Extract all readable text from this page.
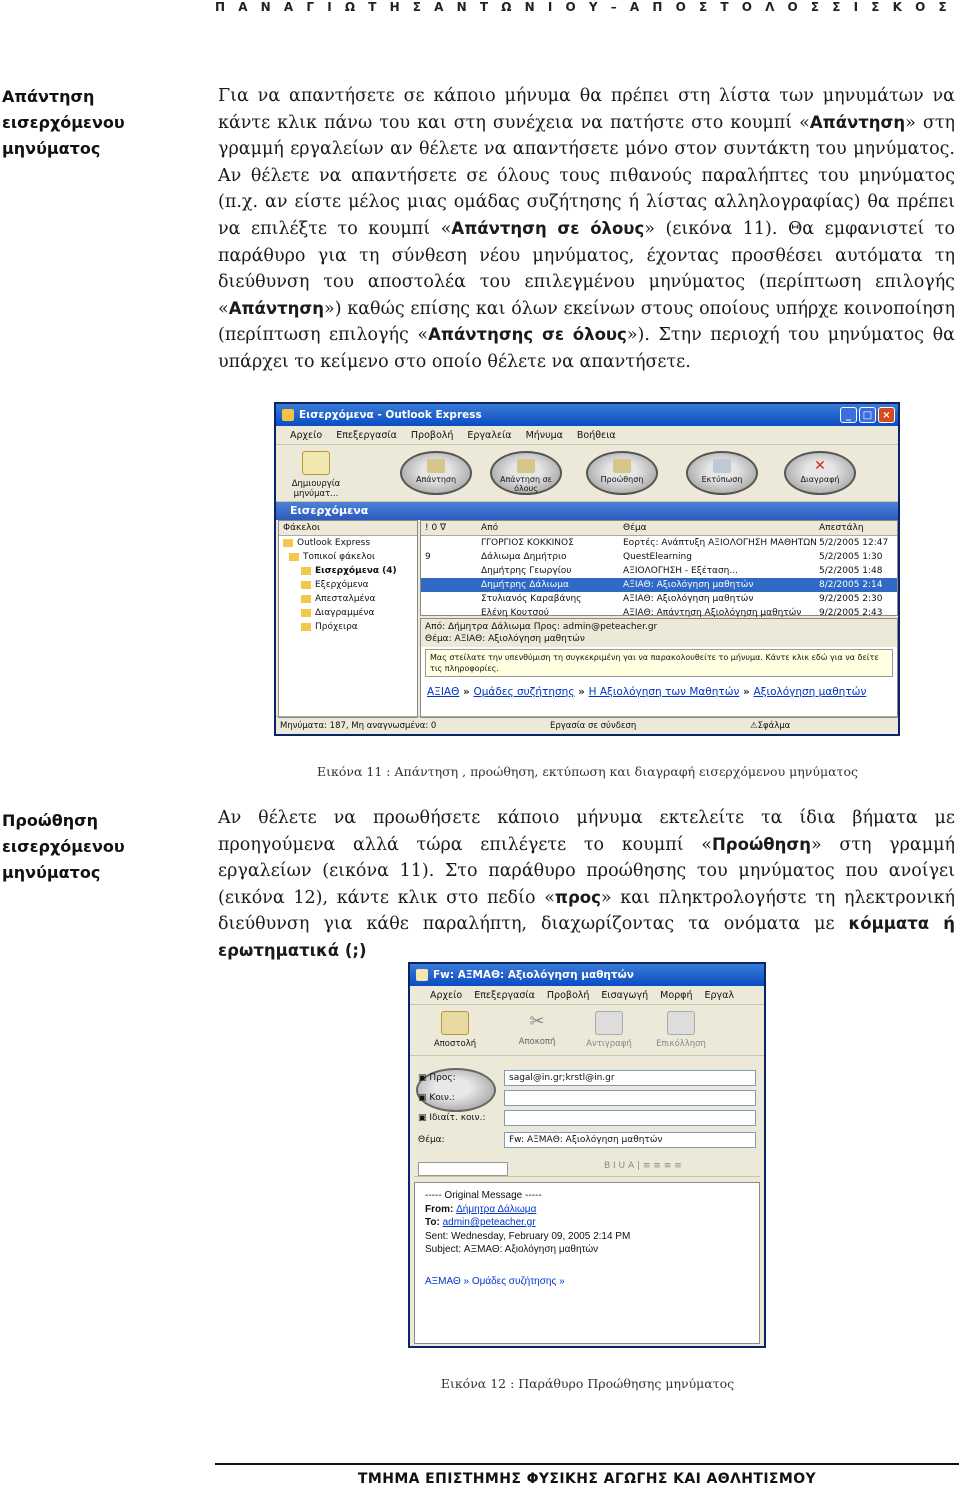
Π Α Ν Α Γ Ι Ω Τ Η Σ Α Ν Τ Ω Ν Ι Ο Υ – Α Π Ο Σ Τ Ο Λ Ο Σ Σ Ι Σ Κ Ο Σ
Απάντηση
εισερχόμενου
μηνύματος
Για να απαντήσετε σε κάποιο μήνυμα θα πρέπει στη λίστα των μηνυμάτων να κάντε κλικ πάνω του και στη συνέχεια να πατήστε στο κουμπί «Απάντηση» στη γραμμή εργαλείων αν θέλετε να απαντήσετε μόνο στον συντάκτη του μηνύματος. Αν θέλετε να απαντήσετε σε όλους τους πιθανούς παραλήπτες του μηνύματος (π.χ. αν είστε μέλος μιας ομάδας συζήτησης ή λίστας αλληλογραφίας) θα πρέπει να επιλέξτε το κουμπί «Απάντηση σε όλους» (εικόνα 11). Θα εμφανιστεί το παράθυρο για τη σύνθεση νέου μηνύματος, έχοντας προσθέσει αυτόματα τη διεύθυνση του αποστολέα του επιλεγμένου μηνύματος (περίπτωση επιλογής «Απάντηση») καθώς επίσης και όλων εκείνων στους οποίους υπήρχε κοινοποίηση (περίπτωση επιλογής «Απάντησης σε όλους»). Στην περιοχή του μηνύματος θα υπάρχει το κείμενο στο οποίο θέλετε να απαντήσετε.
Εισερχόμενα - Outlook Express	_	□	×
Αρχείο Επεξεργασία Προβολή Εργαλεία Μήνυμα Βοήθεια
Δημιουργία μηνύματ...
Απάντηση	Απάντηση σε όλους
Προώθηση	Εκτύπωση
✕
Διαγραφή
Εισερχόμενα
Φάκελοι
Outlook Express
Τοπικοί φάκελοι
Εισερχόμενα (4)
Εξερχόμενα
Απεσταλμένα
Διαγραμμένα
Πρόχειρα
! 0 ∇	Από	Θέμα	Απεστάλη
ΓΓΟΡΓΙΟΣ ΚΟΚΚΙΝΟΣ	Εορτές: Ανάπτυξη ΑΞΙΟΛΟΓΗΣΗ ΜΑΘΗΤΩΝ 5/2/2005 12:47
9	Δάλιωμα Δημήτριο	QuestElearning	5/2/2005 1:30
Δημήτρης Γεωργίου	ΑΞΙΟΛΟΓΗΣΗ - Εξέταση...	5/2/2005 1:48
Δημήτρης Δάλιωμα	ΑΞΙΑΘ: Αξιολόγηση μαθητών	8/2/2005 2:14
Στυλιανός Καραβάνης	ΑΞΙΑΘ: Αξιολόγηση μαθητών	9/2/2005 2:30
Ελένη Κουτσού	ΑΞΙΑΘ: Απάντηση Αξιολόγηση μαθητών	9/2/2005 2:43
Από: Δήμητρα Δάλιωμα Προς: admin@peteacher.gr
Θέμα: ΑΞΙΑΘ: Αξιολόγηση μαθητών
Μας στείλατε την υπενθύμιση τη συγκεκριμένη γαι να παρακολουθείτε το μήνυμα. Κάντε κλικ εδώ για να δείτε τις πληροφορίες.
ΑΞΙΑΘ » Ομάδες συζήτησης » Η Αξιολόγηση των Μαθητών » Αξιολόγηση μαθητών
Μηνύματα: 187, Μη αναγνωσμένα: 0	Εργασία σε σύνδεση	⚠ Σφάλμα
Εικόνα 11 : Απάντηση , προώθηση, εκτύπωση και διαγραφή εισερχόμενου μηνύματος
Προώθηση
εισερχόμενου
μηνύματος
Αν θέλετε να προωθήσετε κάποιο μήνυμα εκτελείτε τα ίδια βήματα με προηγούμενα αλλά τώρα επιλέγετε το κουμπί «Προώθηση» στη γραμμή εργαλείων (εικόνα 11). Στο παράθυρο προώθησης του μηνύματος που ανοίγει (εικόνα 12), κάντε κλικ στο πεδίο «προς» και πληκτρολογήστε τη ηλεκτρονική διεύθυνση για κάθε παραλήπτη, διαχωρίζοντας τα ονόματα με κόμματα ή ερωτηματικά (;)
Fw: ΑΞΜΑΘ: Αξιολόγηση μαθητών
Αρχείο Επεξεργασία Προβολή Εισαγωγή Μορφή Εργαλ
Αποστολή
✂
Αποκοπή	Αντιγραφή	Επικόλληση
▣ Προς:	sagal@in.gr;krstl@in.gr
▣ Κοιν.:
▣ Ιδιαίτ. κοιν.:
Θέμα:	Fw: ΑΞΜΑΘ: Αξιολόγηση μαθητών
B I U A | ≡ ≡ ≡ ≡
----- Original Message -----
From: Δήμητρα Δάλιωμα
To: admin@peteacher.gr
Sent: Wednesday, February 09, 2005 2:14 PM
Subject: ΑΞΜΑΘ: Αξιολόγηση μαθητών
ΑΞΜΑΘ » Ομάδες συζήτησης »
Εικόνα 12 : Παράθυρο Προώθησης μηνύματος
ΤΜΗΜΑ ΕΠΙΣΤΗΜΗΣ ΦΥΣΙΚΗΣ ΑΓΩΓΗΣ ΚΑΙ ΑΘΛΗΤΙΣΜΟΥ
